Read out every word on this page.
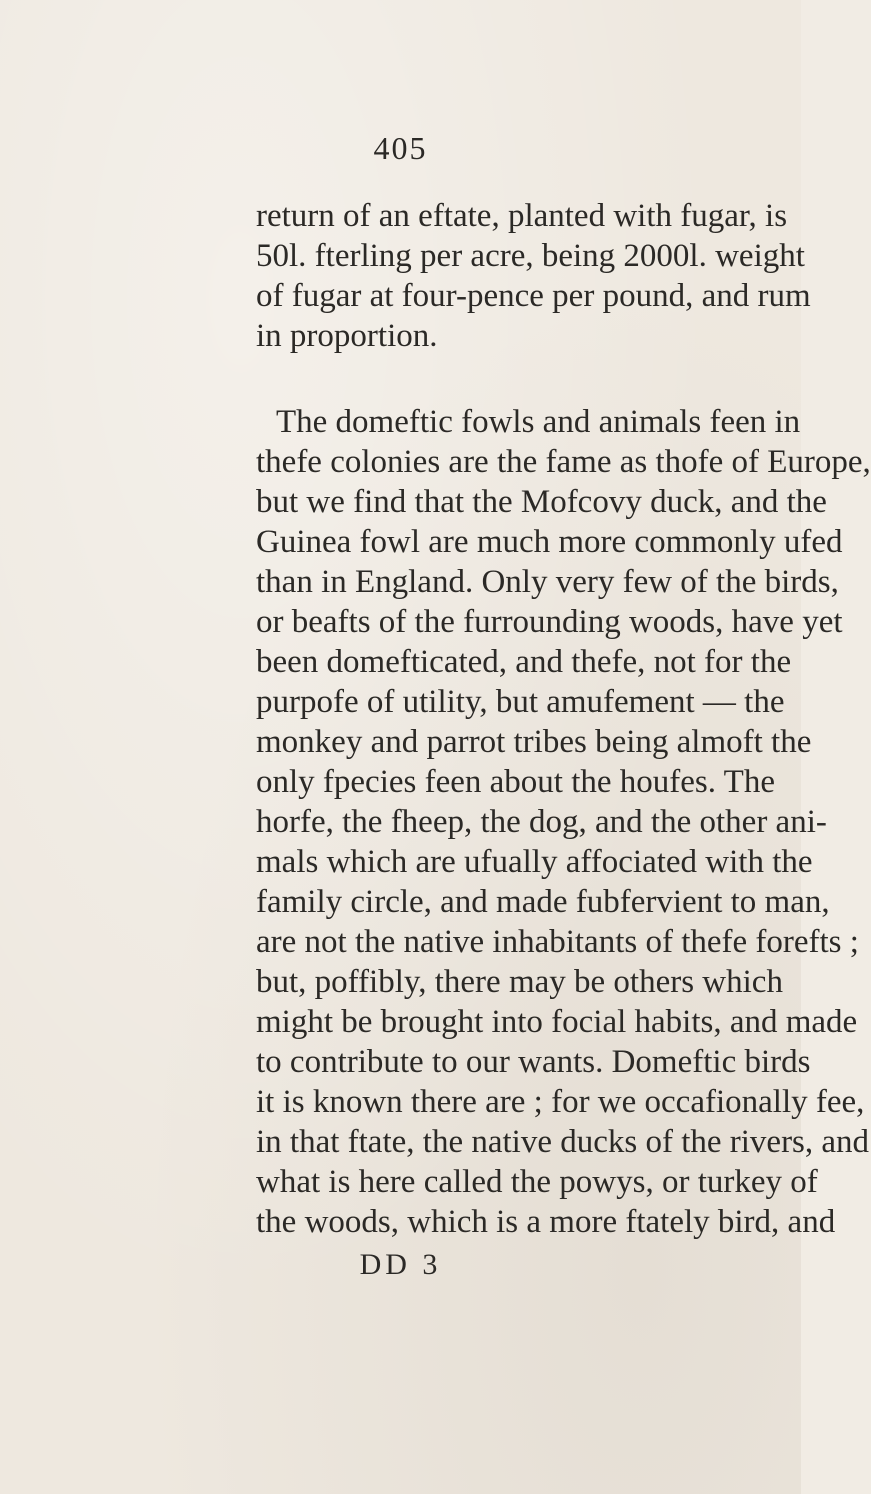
405
return of an eftate, planted with fugar, is
50l. fterling per acre, being 2000l. weight
of fugar at four-pence per pound, and rum
in proportion.
The domeftic fowls and animals feen in
thefe colonies are the fame as thofe of Europe,
but we find that the Mofcovy duck, and the
Guinea fowl are much more commonly ufed
than in England. Only very few of the birds,
or beafts of the furrounding woods, have yet
been domefticated, and thefe, not for the
purpofe of utility, but amufement — the
monkey and parrot tribes being almoft the
only fpecies feen about the houfes. The
horfe, the fheep, the dog, and the other ani-
mals which are ufually affociated with the
family circle, and made fubfervient to man,
are not the native inhabitants of thefe forefts ;
but, poffibly, there may be others which
might be brought into focial habits, and made
to contribute to our wants. Domeftic birds
it is known there are ; for we occafionally fee,
in that ftate, the native ducks of the rivers, and
what is here called the powys, or turkey of
the woods, which is a more ftately bird, and
DD 3
